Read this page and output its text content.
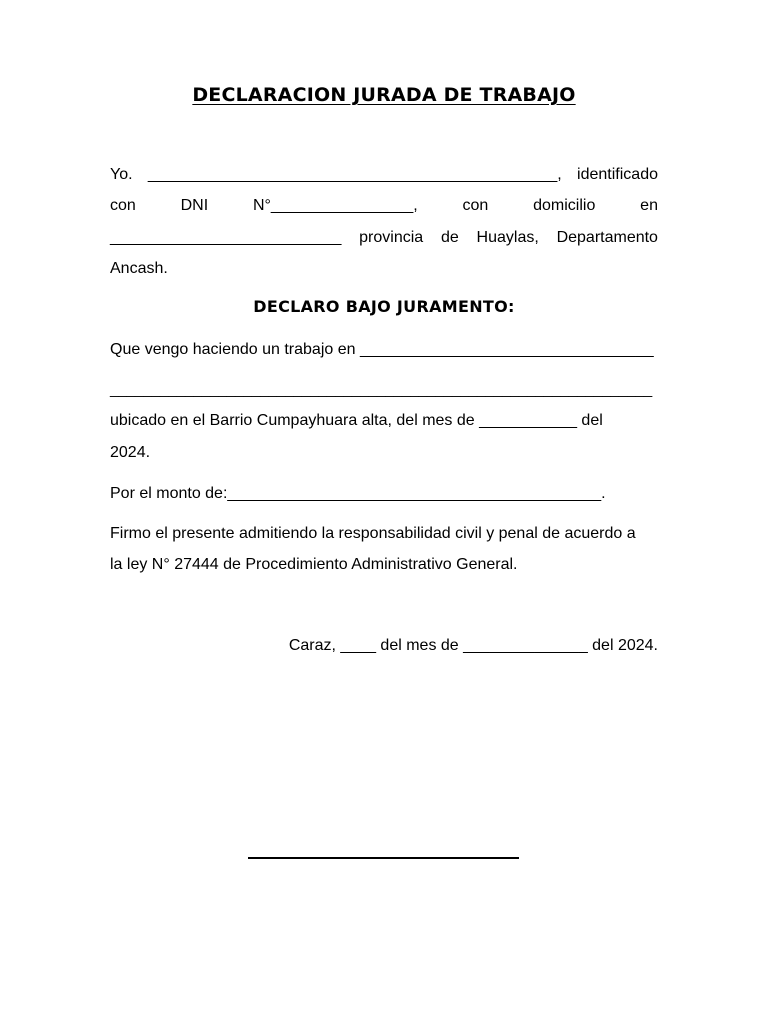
DECLARACION JURADA DE TRABAJO
Yo. ______________________________________________, identificado
con	DNI	N°________________,	con	domicilio	en
__________________________ provincia de Huaylas, Departamento
Ancash.
DECLARO BAJO JURAMENTO:
Que vengo haciendo un trabajo en _________________________________
_________________________________________________________________
ubicado en el Barrio Cumpayhuara alta, del mes de ___________ del
2024.
Por el monto de:__________________________________________.
Firmo el presente admitiendo la responsabilidad civil y penal de acuerdo a
la ley N° 27444 de Procedimiento Administrativo General.
Caraz, ____ del mes de ______________ del 2024.
